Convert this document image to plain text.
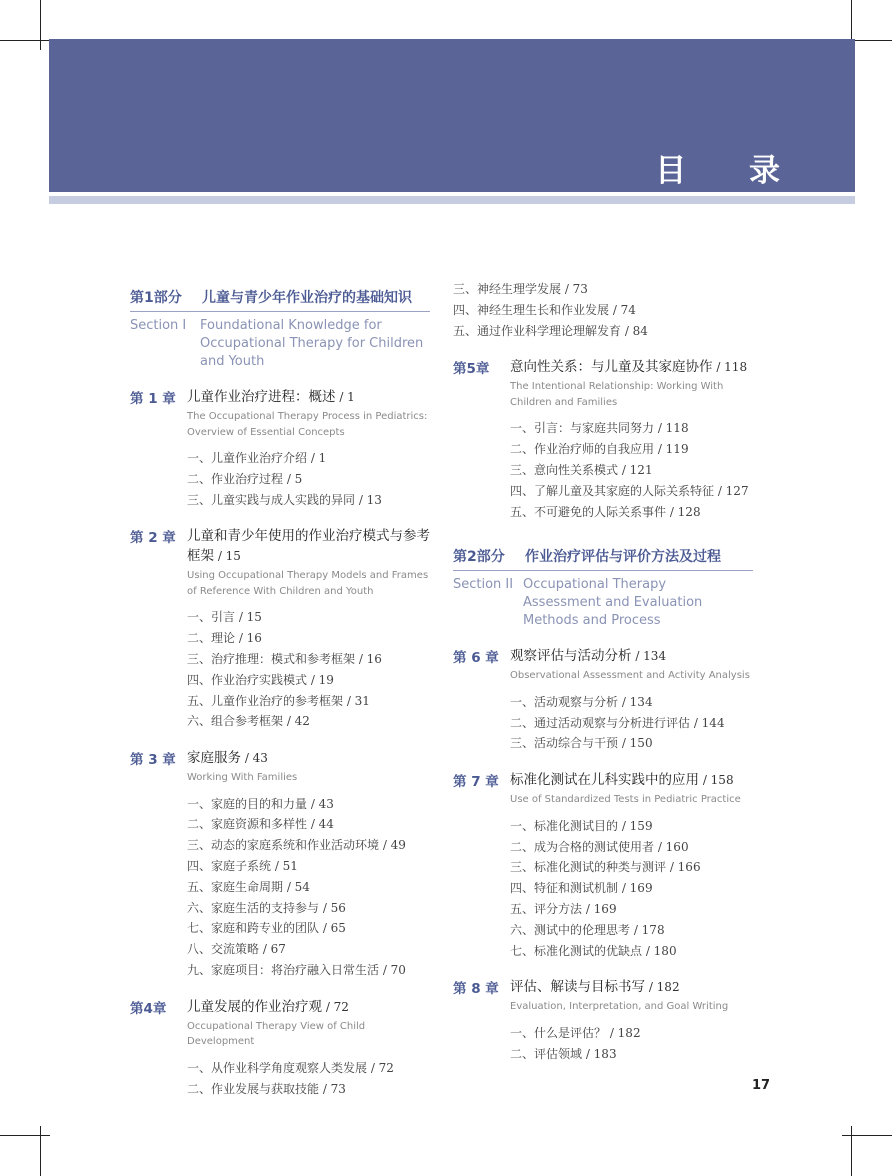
目 录
第1部分	儿童与青少年作业治疗的基础知识
Section I	Foundational Knowledge for Occupational Therapy for Children and Youth
第 1 章 儿童作业治疗进程：概述 / 1
The Occupational Therapy Process in Pediatrics: Overview of Essential Concepts
一、儿童作业治疗介绍 / 1
二、作业治疗过程 / 5
三、儿童实践与成人实践的异同 / 13
第 2 章 儿童和青少年使用的作业治疗模式与参考框架 / 15
Using Occupational Therapy Models and Frames of Reference With Children and Youth
一、引言 / 15
二、理论 / 16
三、治疗推理：模式和参考框架 / 16
四、作业治疗实践模式 / 19
五、儿童作业治疗的参考框架 / 31
六、组合参考框架 / 42
第 3 章 家庭服务 / 43
Working With Families
一、家庭的目的和力量 / 43
二、家庭资源和多样性 / 44
三、动态的家庭系统和作业活动环境 / 49
四、家庭子系统 / 51
五、家庭生命周期 / 54
六、家庭生活的支持参与 / 56
七、家庭和跨专业的团队 / 65
八、交流策略 / 67
九、家庭项目：将治疗融入日常生活 / 70
第4章	儿童发展的作业治疗观 / 72
Occupational Therapy View of Child Development
一、从作业科学角度观察人类发展 / 72
二、作业发展与获取技能 / 73
三、神经生理学发展 / 73
四、神经生理生长和作业发展 / 74
五、通过作业科学理论理解发育 / 84
第5章	意向性关系：与儿童及其家庭协作 / 118
The Intentional Relationship: Working With Children and Families
一、引言：与家庭共同努力 / 118
二、作业治疗师的自我应用 / 119
三、意向性关系模式 / 121
四、了解儿童及其家庭的人际关系特征 / 127
五、不可避免的人际关系事件 / 128
第2部分	作业治疗评估与评价方法及过程
Section II Occupational Therapy Assessment and Evaluation Methods and Process
第 6 章 观察评估与活动分析 / 134
Observational Assessment and Activity Analysis
一、活动观察与分析 / 134
二、通过活动观察与分析进行评估 / 144
三、活动综合与干预 / 150
第 7 章 标准化测试在儿科实践中的应用 / 158
Use of Standardized Tests in Pediatric Practice
一、标准化测试目的 / 159
二、成为合格的测试使用者 / 160
三、标准化测试的种类与测评 / 166
四、特征和测试机制 / 169
五、评分方法 / 169
六、测试中的伦理思考 / 178
七、标准化测试的优缺点 / 180
第 8 章 评估、解读与目标书写 / 182
Evaluation, Interpretation, and Goal Writing
一、什么是评估？ / 182
二、评估领域 / 183
17
